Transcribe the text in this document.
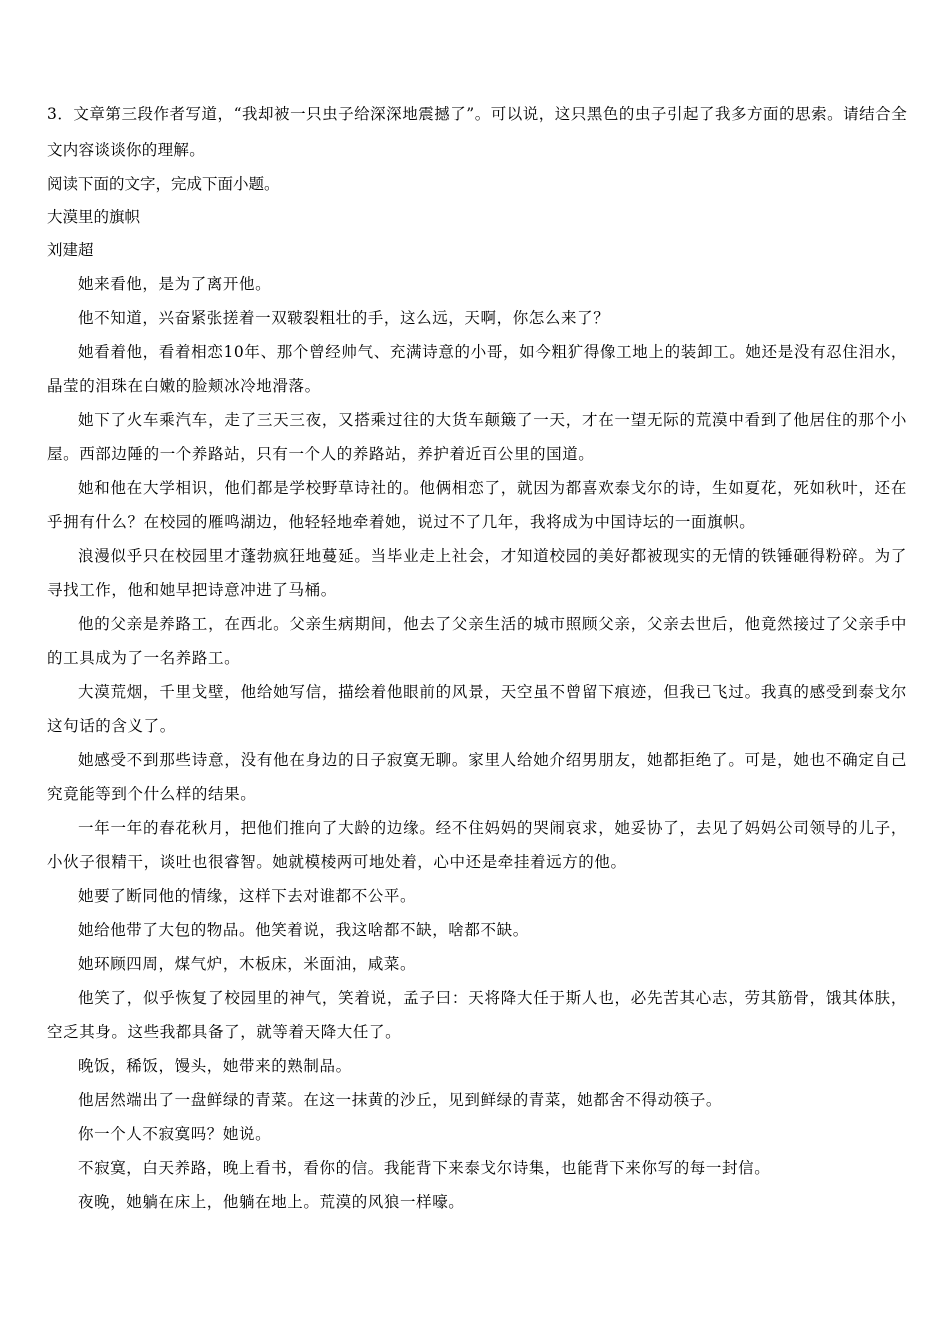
3．文章第三段作者写道，“我却被一只虫子给深深地震撼了”。可以说，这只黑色的虫子引起了我多方面的思索。请结合全文内容谈谈你的理解。

阅读下面的文字，完成下面小题。

大漠里的旗帜

刘建超

她来看他，是为了离开他。

他不知道，兴奋紧张搓着一双皲裂粗壮的手，这么远，天啊，你怎么来了？

她看着他，看着相恋10年、那个曾经帅气、充满诗意的小哥，如今粗犷得像工地上的装卸工。她还是没有忍住泪水，晶莹的泪珠在白嫩的脸颊冰冷地滑落。

她下了火车乘汽车，走了三天三夜，又搭乘过往的大货车颠簸了一天，才在一望无际的荒漠中看到了他居住的那个小屋。西部边陲的一个养路站，只有一个人的养路站，养护着近百公里的国道。

她和他在大学相识，他们都是学校野草诗社的。他俩相恋了，就因为都喜欢泰戈尔的诗，生如夏花，死如秋叶，还在乎拥有什么？在校园的雁鸣湖边，他轻轻地牵着她，说过不了几年，我将成为中国诗坛的一面旗帜。

浪漫似乎只在校园里才蓬勃疯狂地蔓延。当毕业走上社会，才知道校园的美好都被现实的无情的铁锤砸得粉碎。为了寻找工作，他和她早把诗意冲进了马桶。

他的父亲是养路工，在西北。父亲生病期间，他去了父亲生活的城市照顾父亲，父亲去世后，他竟然接过了父亲手中的工具成为了一名养路工。

大漠荒烟，千里戈壁，他给她写信，描绘着他眼前的风景，天空虽不曾留下痕迹，但我已飞过。我真的感受到泰戈尔这句话的含义了。

她感受不到那些诗意，没有他在身边的日子寂寞无聊。家里人给她介绍男朋友，她都拒绝了。可是，她也不确定自己究竟能等到个什么样的结果。

一年一年的春花秋月，把他们推向了大龄的边缘。经不住妈妈的哭闹哀求，她妥协了，去见了妈妈公司领导的儿子，小伙子很精干，谈吐也很睿智。她就模棱两可地处着，心中还是牵挂着远方的他。

她要了断同他的情缘，这样下去对谁都不公平。

她给他带了大包的物品。他笑着说，我这啥都不缺，啥都不缺。

她环顾四周，煤气炉，木板床，米面油，咸菜。

他笑了，似乎恢复了校园里的神气，笑着说，孟子曰：天将降大任于斯人也，必先苦其心志，劳其筋骨，饿其体肤，空乏其身。这些我都具备了，就等着天降大任了。

晚饭，稀饭，馒头，她带来的熟制品。

他居然端出了一盘鲜绿的青菜。在这一抹黄的沙丘，见到鲜绿的青菜，她都舍不得动筷子。

你一个人不寂寞吗？她说。

不寂寞，白天养路，晚上看书，看你的信。我能背下来泰戈尔诗集，也能背下来你写的每一封信。

夜晚，她躺在床上，他躺在地上。荒漠的风狼一样嚎。
